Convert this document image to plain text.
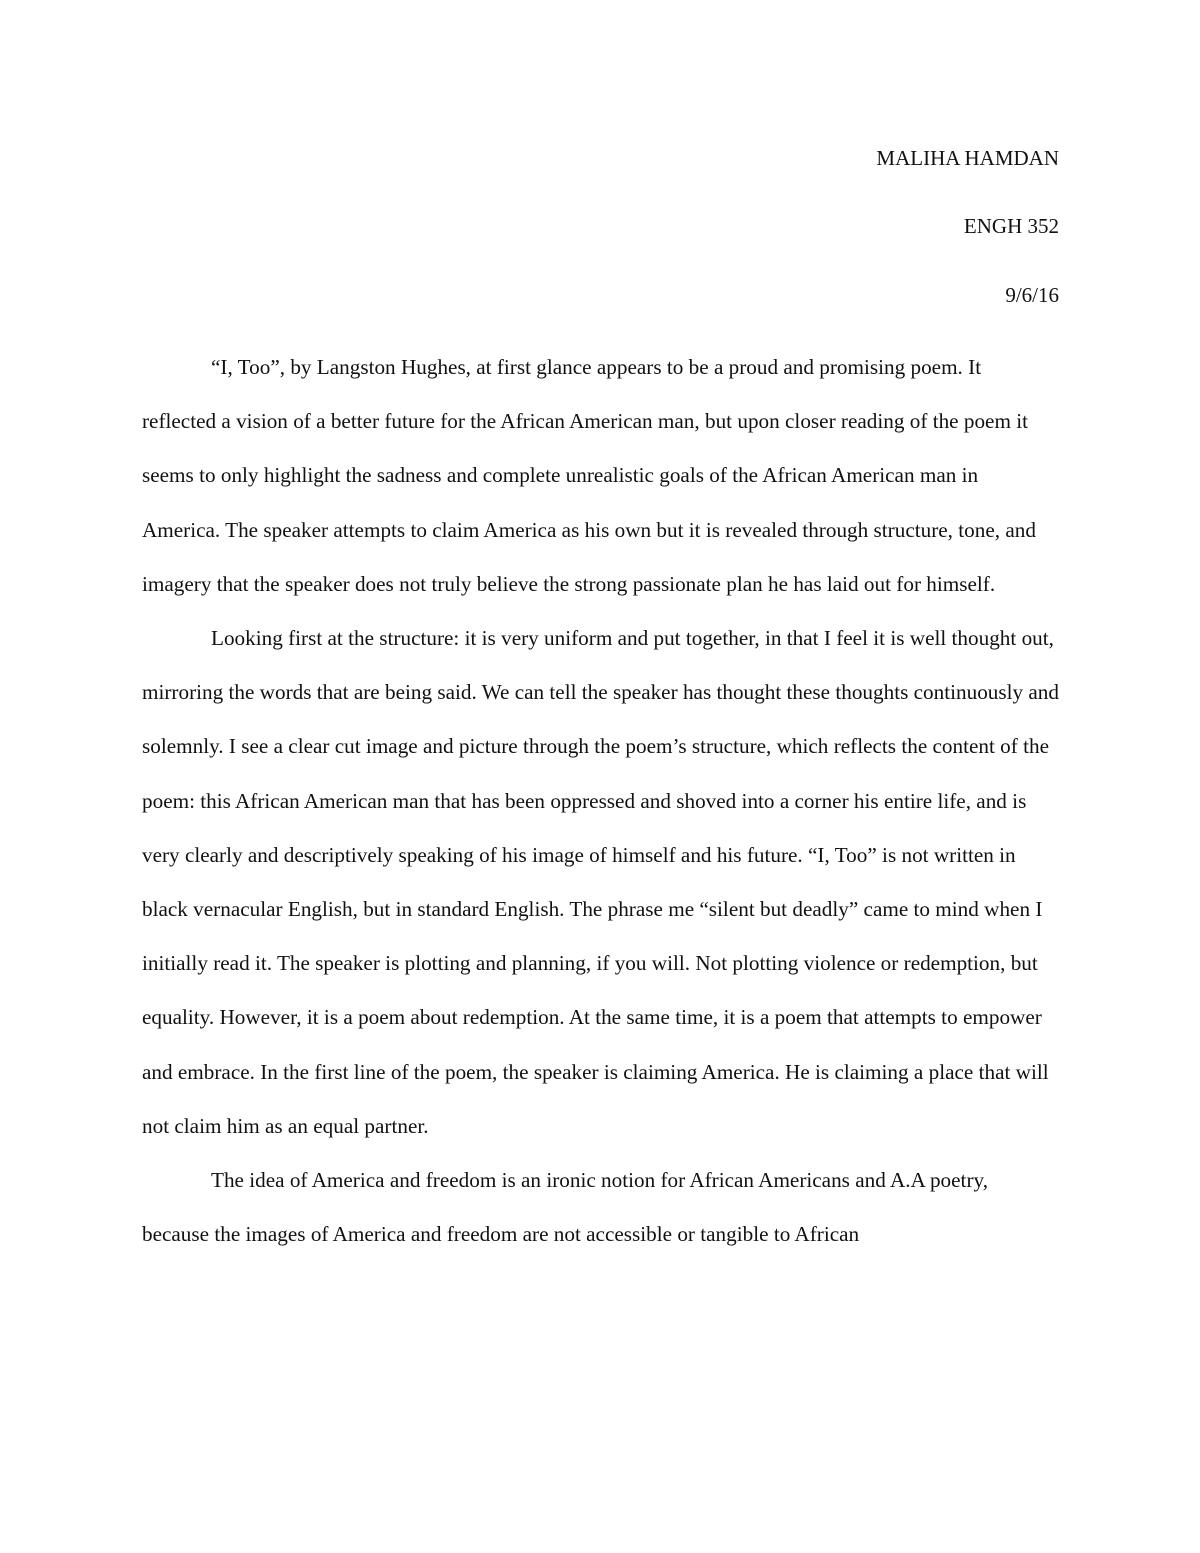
MALIHA HAMDAN
ENGH 352
9/6/16

“I, Too”, by Langston Hughes, at first glance appears to be a proud and promising poem. It reflected a vision of a better future for the African American man, but upon closer reading of the poem it seems to only highlight the sadness and complete unrealistic goals of the African American man in America. The speaker attempts to claim America as his own but it is revealed through structure, tone, and imagery that the speaker does not truly believe the strong passionate plan he has laid out for himself.

Looking first at the structure: it is very uniform and put together, in that I feel it is well thought out, mirroring the words that are being said. We can tell the speaker has thought these thoughts continuously and solemnly. I see a clear cut image and picture through the poem’s structure, which reflects the content of the poem: this African American man that has been oppressed and shoved into a corner his entire life, and is very clearly and descriptively speaking of his image of himself and his future. “I, Too” is not written in black vernacular English, but in standard English. The phrase me “silent but deadly” came to mind when I initially read it. The speaker is plotting and planning, if you will. Not plotting violence or redemption, but equality. However, it is a poem about redemption. At the same time, it is a poem that attempts to empower and embrace. In the first line of the poem, the speaker is claiming America. He is claiming a place that will not claim him as an equal partner.

The idea of America and freedom is an ironic notion for African Americans and A.A poetry, because the images of America and freedom are not accessible or tangible to African
